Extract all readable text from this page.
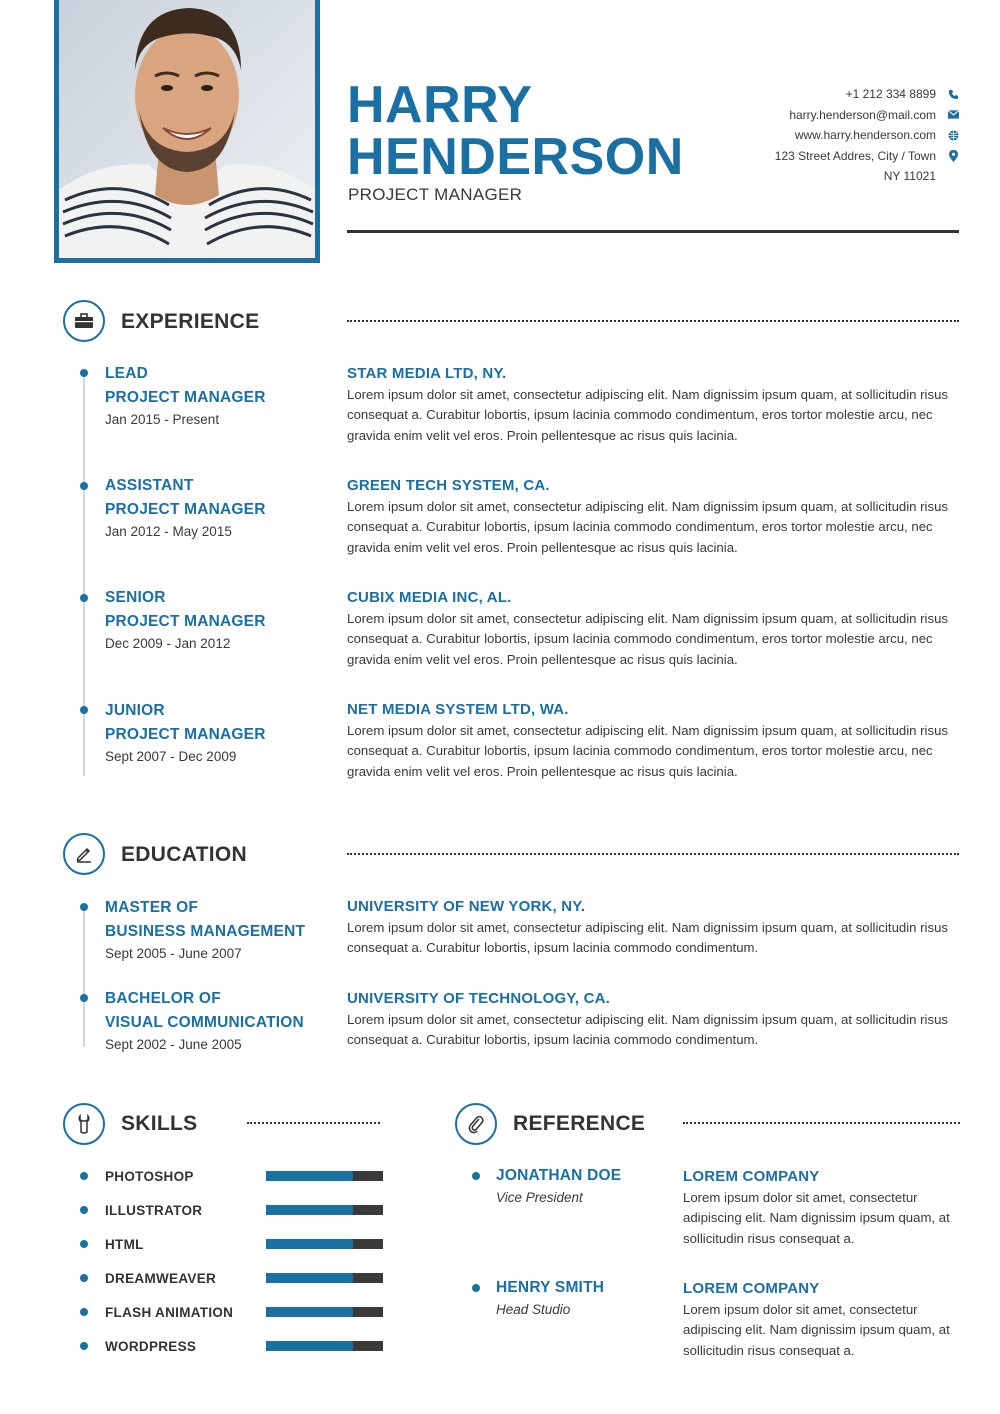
HARRY
HENDERSON
PROJECT MANAGER
+1 212 334 8899
harry.henderson@mail.com
www.harry.henderson.com
123 Street Addres, City / Town
NY 11021
EXPERIENCE
LEAD
PROJECT MANAGER
Jan 2015 - Present
STAR MEDIA LTD, NY.
Lorem ipsum dolor sit amet, consectetur adipiscing elit. Nam dignissim ipsum quam, at sollicitudin risus consequat a. Curabitur lobortis, ipsum lacinia commodo condimentum, eros tortor molestie arcu, nec gravida enim velit vel eros. Proin pellentesque ac risus quis lacinia.
ASSISTANT
PROJECT MANAGER
Jan 2012 - May 2015
GREEN TECH SYSTEM, CA.
Lorem ipsum dolor sit amet, consectetur adipiscing elit. Nam dignissim ipsum quam, at sollicitudin risus consequat a. Curabitur lobortis, ipsum lacinia commodo condimentum, eros tortor molestie arcu, nec gravida enim velit vel eros. Proin pellentesque ac risus quis lacinia.
SENIOR
PROJECT MANAGER
Dec 2009 - Jan 2012
CUBIX MEDIA INC, AL.
Lorem ipsum dolor sit amet, consectetur adipiscing elit. Nam dignissim ipsum quam, at sollicitudin risus consequat a. Curabitur lobortis, ipsum lacinia commodo condimentum, eros tortor molestie arcu, nec gravida enim velit vel eros. Proin pellentesque ac risus quis lacinia.
JUNIOR
PROJECT MANAGER
Sept 2007 - Dec 2009
NET MEDIA SYSTEM LTD, WA.
Lorem ipsum dolor sit amet, consectetur adipiscing elit. Nam dignissim ipsum quam, at sollicitudin risus consequat a. Curabitur lobortis, ipsum lacinia commodo condimentum, eros tortor molestie arcu, nec gravida enim velit vel eros. Proin pellentesque ac risus quis lacinia.
EDUCATION
MASTER OF
BUSINESS MANAGEMENT
Sept 2005 - June 2007
UNIVERSITY OF NEW YORK, NY.
Lorem ipsum dolor sit amet, consectetur adipiscing elit. Nam dignissim ipsum quam, at sollicitudin risus consequat a. Curabitur lobortis, ipsum lacinia commodo condimentum.
BACHELOR OF
VISUAL COMMUNICATION
Sept 2002 - June 2005
UNIVERSITY OF TECHNOLOGY, CA.
Lorem ipsum dolor sit amet, consectetur adipiscing elit. Nam dignissim ipsum quam, at sollicitudin risus consequat a. Curabitur lobortis, ipsum lacinia commodo condimentum.
SKILLS
PHOTOSHOP
ILLUSTRATOR
HTML
DREAMWEAVER
FLASH ANIMATION
WORDPRESS
REFERENCE
JONATHAN DOE
Vice President
LOREM COMPANY
Lorem ipsum dolor sit amet, consectetur adipiscing elit. Nam dignissim ipsum quam, at sollicitudin risus consequat a.
HENRY SMITH
Head Studio
LOREM COMPANY
Lorem ipsum dolor sit amet, consectetur adipiscing elit. Nam dignissim ipsum quam, at sollicitudin risus consequat a.
